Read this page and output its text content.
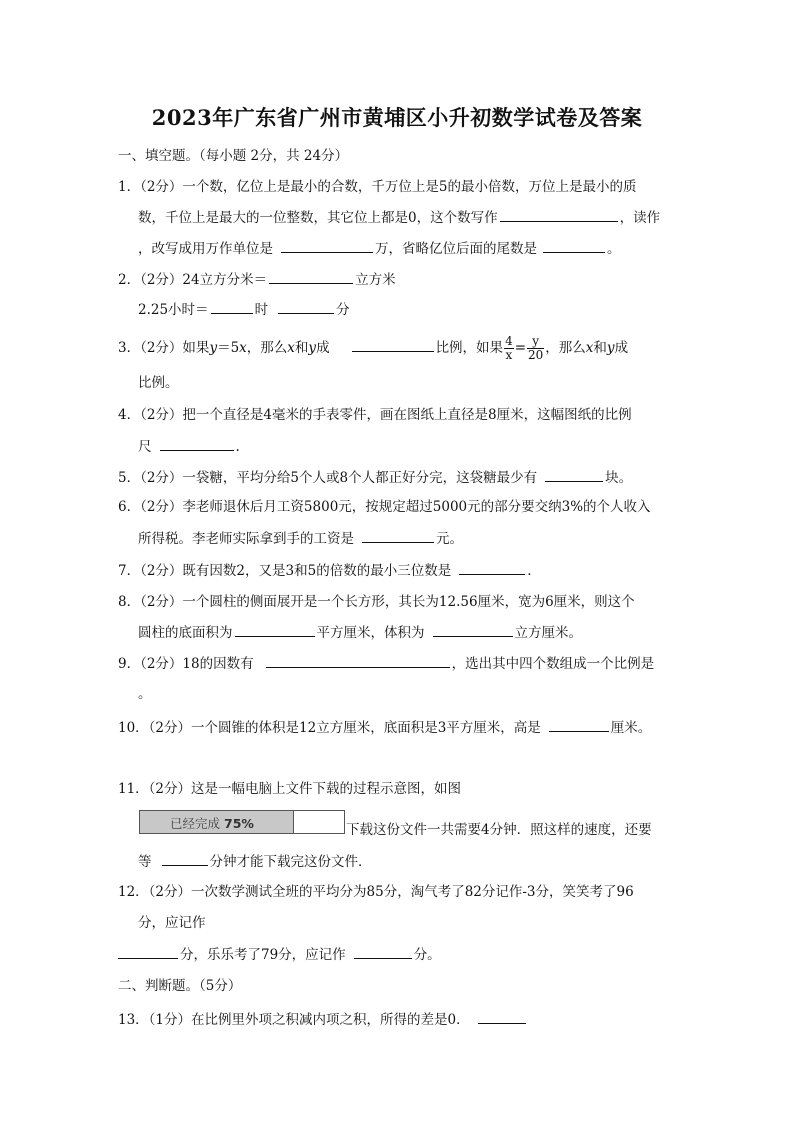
2023年广东省广州市黄埔区小升初数学试卷及答案
一、填空题。（每小题 2分，共 24分）
1．（2分）一个数，亿位上是最小的合数，千万位上是5的最小倍数，万位上是最小的质
数，千位上是最大的一位整数，其它位上都是0，这个数写作	，读作
，改写成用万作单位是	万，省略亿位后面的尾数是	。
2．（2分）24立方分米＝	立方米
2.25小时＝	时	分
3．（2分）如果y＝5x，那么x和y成	比例，如果 $\frac{4}{x} = \frac{y}{20}$ ，那么x和y成
比例。
4．（2分）把一个直径是4毫米的手表零件，画在图纸上直径是8厘米，这幅图纸的比例
尺	.
5．（2分）一袋糖，平均分给5个人或8个人都正好分完，这袋糖最少有	块。
6．（2分）李老师退休后月工资5800元，按规定超过5000元的部分要交纳3%的个人收入
所得税。李老师实际拿到手的工资是	元。
7．（2分）既有因数2，又是3和5的倍数的最小三位数是	.
8．（2分）一个圆柱的侧面展开是一个长方形，其长为12.56厘米，宽为6厘米，则这个
圆柱的底面积为	平方厘米，体积为	立方厘米。
9．（2分）18的因数有	，选出其中四个数组成一个比例是
。
10．（2分）一个圆锥的体积是12立方厘米，底面积是3平方厘米，高是	厘米。
11．（2分）这是一幅电脑上文件下载的过程示意图，如图
已经完成 75%	下载这份文件一共需要4分钟．照这样的速度，还要
等	分钟才能下载完这份文件．
12．（2分）一次数学测试全班的平均分为85分，淘气考了82分记作-3分，笑笑考了96
分，应记作
分，乐乐考了79分，应记作	分。
二、判断题。（5分）
13．（1分）在比例里外项之积减内项之积，所得的差是0．
